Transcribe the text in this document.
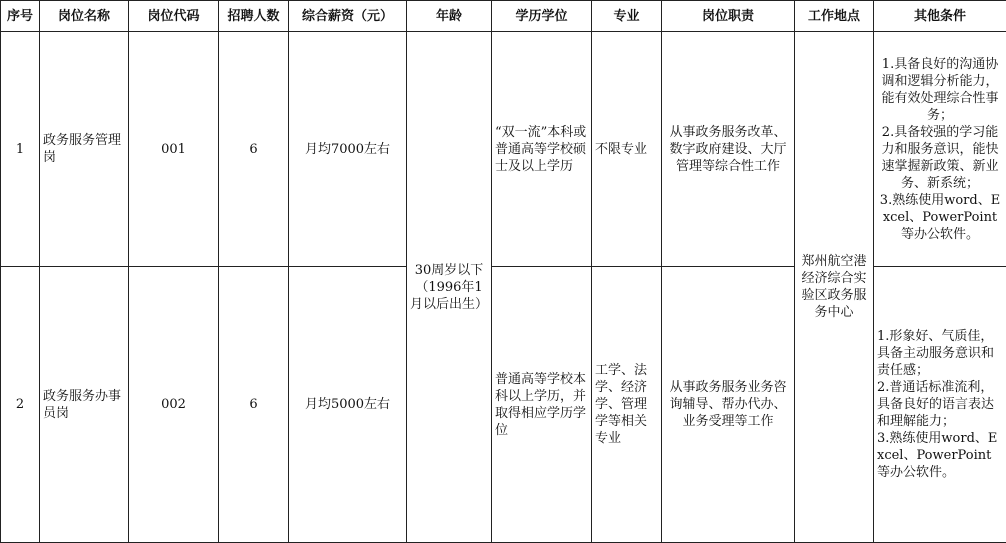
序号	岗位名称	岗位代码	招聘人数	综合薪资（元）	年龄	学历学位	专业	岗位职责	工作地点	其他条件
1	政务服务管理岗	001	6	月均7000左右	30周岁以下（1996年1月以后出生）	“双一流”本科或普通高等学校硕士及以上学历	不限专业	从事政务服务改革、数字政府建设、大厅管理等综合性工作	郑州航空港经济综合实验区政务服务中心	1.具备良好的沟通协调和逻辑分析能力，能有效处理综合性事务；
2.具备较强的学习能力和服务意识，能快速掌握新政策、新业务、新系统；
3.熟练使用word、Excel、PowerPoint等办公软件。

2	政务服务办事员岗	002	6	月均5000左右		普通高等学校本科以上学历，并取得相应学历学位	工学、法学、经济学、管理学等相关专业	从事政务服务业务咨询辅导、帮办代办、业务受理等工作		1.形象好、气质佳，具备主动服务意识和责任感；
2.普通话标准流利，具备良好的语言表达和理解能力；
3.熟练使用word、Excel、PowerPoint等办公软件。
